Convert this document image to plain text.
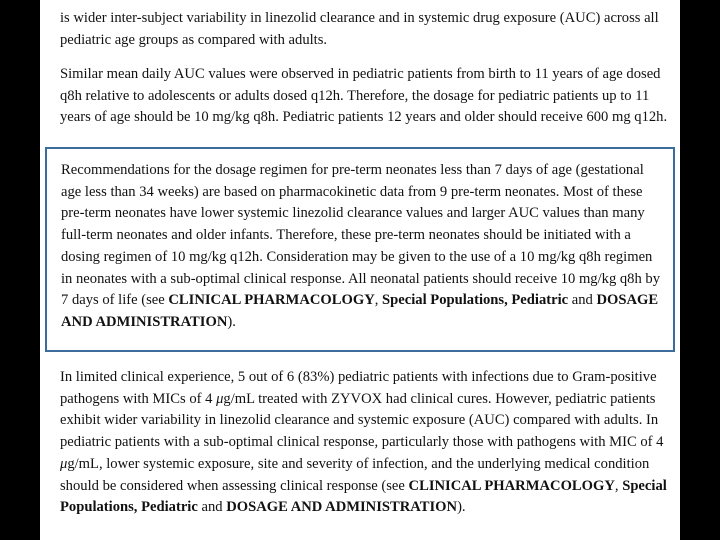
is wider inter-subject variability in linezolid clearance and in systemic drug exposure (AUC) across all pediatric age groups as compared with adults.

Similar mean daily AUC values were observed in pediatric patients from birth to 11 years of age dosed q8h relative to adolescents or adults dosed q12h. Therefore, the dosage for pediatric patients up to 11 years of age should be 10 mg/kg q8h. Pediatric patients 12 years and older should receive 600 mg q12h.

Recommendations for the dosage regimen for pre-term neonates less than 7 days of age (gestational age less than 34 weeks) are based on pharmacokinetic data from 9 pre-term neonates. Most of these pre-term neonates have lower systemic linezolid clearance values and larger AUC values than many full-term neonates and older infants. Therefore, these pre-term neonates should be initiated with a dosing regimen of 10 mg/kg q12h. Consideration may be given to the use of a 10 mg/kg q8h regimen in neonates with a sub-optimal clinical response. All neonatal patients should receive 10 mg/kg q8h by 7 days of life (see CLINICAL PHARMACOLOGY, Special Populations, Pediatric and DOSAGE AND ADMINISTRATION).

In limited clinical experience, 5 out of 6 (83%) pediatric patients with infections due to Gram-positive pathogens with MICs of 4 μg/mL treated with ZYVOX had clinical cures. However, pediatric patients exhibit wider variability in linezolid clearance and systemic exposure (AUC) compared with adults. In pediatric patients with a sub-optimal clinical response, particularly those with pathogens with MIC of 4 μg/mL, lower systemic exposure, site and severity of infection, and the underlying medical condition should be considered when assessing clinical response (see CLINICAL PHARMACOLOGY, Special Populations, Pediatric and DOSAGE AND ADMINISTRATION).
